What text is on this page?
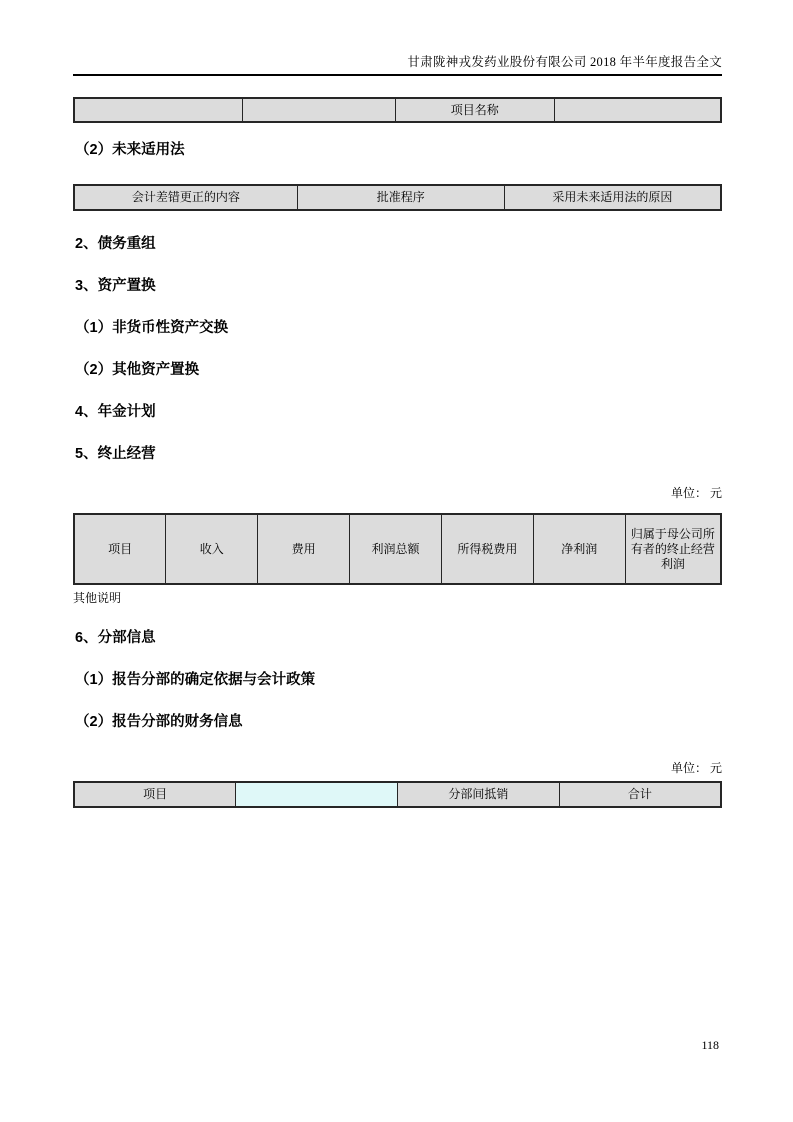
甘肃陇神戎发药业股份有限公司 2018 年半年度报告全文
		项目名称	
（2）未来适用法
会计差错更正的内容	批准程序	采用未来适用法的原因
2、债务重组
3、资产置换
（1）非货币性资产交换
（2）其他资产置换
4、年金计划
5、终止经营
单位： 元
项目	收入	费用	利润总额	所得税费用	净利润	归属于母公司所有者的终止经营利润
其他说明
6、分部信息
（1）报告分部的确定依据与会计政策
（2）报告分部的财务信息
单位： 元
项目		分部间抵销	合计
118
